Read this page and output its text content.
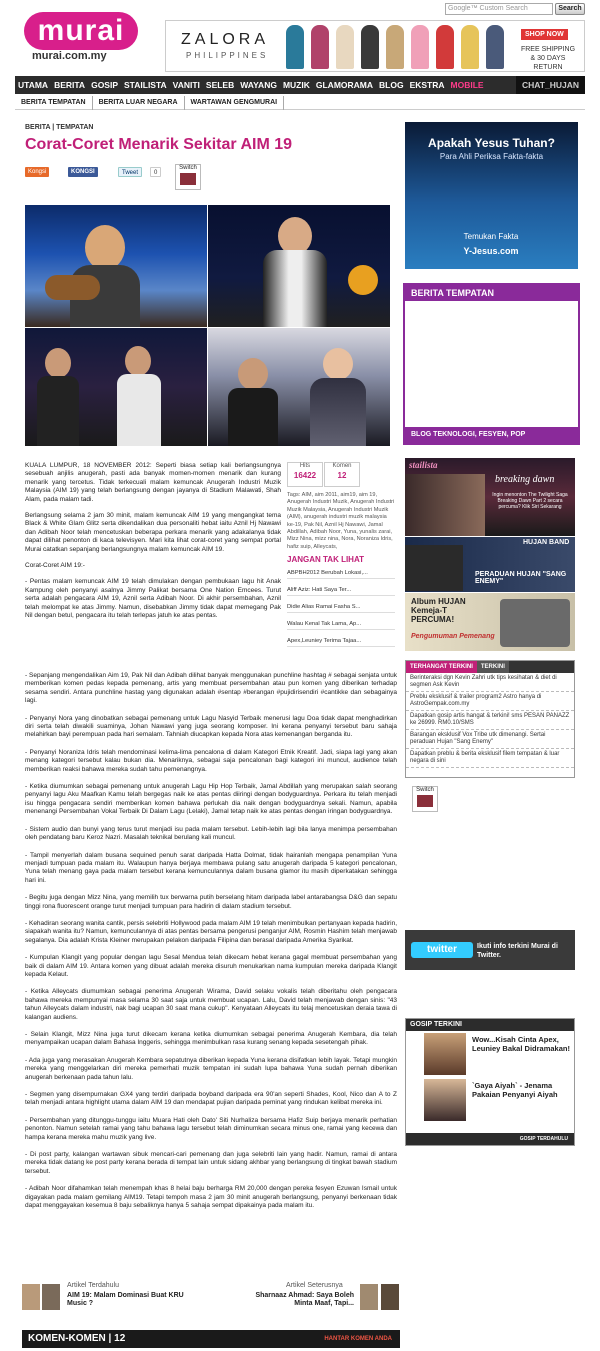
murai
murai.com.my
Google™ Custom Search	Search
ZALORA
PHILIPPINES
SHOP NOW
FREE SHIPPING
& 30 DAYS RETURN
UTAMA BERITA GOSIP STAILISTA VANITI SELEB WAYANG MUZIK GLAMORAMA BLOG EKSTRA MOBILE	CHAT_HUJAN
BERITA TEMPATAN	BERITA LUAR NEGARA	WARTAWAN GENGMURAI
BERITA | TEMPATAN
Corat-Coret Menarik Sekitar AIM 19
Kongsi	KONGSI	Tweet	0
Switch

KUALA LUMPUR, 18 NOVEMBER 2012: Seperti biasa setiap kali berlangsungnya sesebuah anjilis anugerah, pasti ada banyak momen-momen menarik dan kurang menarik yang tercetus. Tidak terkecuali malam kemuncak Anugerah Industri Muzik Malaysia (AIM 19) yang telah berlangsung dengan jayanya di Stadium Malawati, Shah Alam, pada malam tadi.

Berlangsung selama 2 jam 30 minit, malam kemuncak AIM 19 yang mengangkat tema Black & White Glam Glitz serta dikendalikan dua personaliti hebat iaitu Aznil Hj Nawawi dan Adibah Noor telah mencetuskan beberapa perkara menarik yang adakalanya tidak dapat dilihat penonton di kaca televisyen. Mari kita lihat corat-coret yang sempat portal Murai catatkan sepanjang berlangsungnya malam kemuncak AIM 19.

Corat-Coret AIM 19:-

- Pentas malam kemuncak AIM 19 telah dimulakan dengan pembukaan lagu hit Anak Kampung oleh penyanyi asalnya Jimmy Palikat bersama One Nation Emcees. Turut serta adalah pengacara AIM 19, Aznil serta Adibah Noor. Di akhir persembahan, Aznil telah melompat ke atas Jimmy. Namun, disebabkan Jimmy tidak dapat memegang Pak Nil dengan betul, pengacara itu telah terlepas jatuh ke atas pentas.

Hits
16422
Komen
12
Tags: AIM, aim 2011, aim19, aim 19, Anugerah Industri Muzik, Anugerah Industri Muzik Malaysia, Anugerah Industri Muzik (AIM), anugerah industri muzik malaysia ke-19, Pak Nil, Aznil Hj Nawawi, Jamal Abdillah, Adibah Noor, Yuna, yunalis zarai, Mizz Nina, mizz nina, Nora, Noraniza Idris, hafiz suip, Alleycats,
JANGAN TAK LIHAT
ABPBH2012 Berubah Lokasi,...
Aliff Aziz: Hati Saya Ter...
Didie Alias Ramai Fasha S...
Walau Kenal Tak Lama, Ap...
Apex,Leuniey Terima Tajaa...

- Sepanjang mengendalikan Aim 19, Pak Nil dan Adibah dilihat banyak menggunakan punchline hashtag # sebagai senjata untuk memberikan komen pedas kepada pemenang, artis yang membuat persembahan atau pun komen yang diberikan terhadap sesama sendiri. Antara punchline hastag yang digunakan adalah #sentap #berangan #pujidirisendiri #cantikke dan sebagainya lagi.

- Penyanyi Nora yang dinobatkan sebagai pemenang untuk Lagu Nasyid Terbaik menerusi lagu Doa tidak dapat menghadirkan diri serta telah diwakili suaminya, Johan Nawawi yang juga seorang komposer. Ini kerana penyanyi tersebut baru sahaja melahirkan bayi perempuan pada hari semalam. Tahniah diucapkan kepada Nora atas kemenangan berganda itu.

- Penyanyi Noraniza Idris telah mendominasi kelima-lima pencalona di dalam Kategori Etnik Kreatif. Jadi, siapa lagi yang akan menang kategori tersebut kalau bukan dia. Menariknya, sebagai saja pencalonan bagi kategori ini muncul, audience telah memberikan reaksi bahawa mereka sudah tahu pemenangnya.

- Ketika diumumkan sebagai pemenang untuk anugerah Lagu Hip Hop Terbaik, Jamal Abdillah yang merupakan salah seorang penyanyi lagu Aku Maafkan Kamu telah bergegas naik ke atas pentas diiringi dengan bodyguardnya. Perkara itu telah menjadi isu hingga pengacara sendiri memberikan komen bahawa perlukah dia naik dengan bodyguardnya sekali. Namun, apabila menenangi Persembahan Vokal Terbaik Di Dalam Lagu (Lelaki), Jamal tetap naik ke atas pentas dengan iringan bodyguardnya.

- Sistem audio dan bunyi yang terus turut menjadi isu pada malam tersebut. Lebih-lebih lagi bila lanya menimpa persembahan oleh pendatang baru Keroz Nazri. Masalah teknikal berulang kali muncul.

- Tampil menyerlah dalam busana sequined penuh sarat daripada Hatta Dolmat, tidak hairanlah mengapa penampilan Yuna menjadi tumpuan pada malam itu. Walaupun hanya berjaya membawa pulang satu anugerah daripada 5 kategori pencalonan, Yuna telah menang gaya pada malam tersebut kerana kemunculannya dalam busana glamor itu masih diperkatakan sehingga hari ini.

- Begitu juga dengan Mizz Nina, yang memilih tux berwarna putih berselang hitam daripada label antarabangsa D&G dan sepatu tinggi rona fluorescent orange turut menjadi tumpuan para hadirin di dalam stadium tersebut.

- Kehadiran seorang wanita cantik, persis selebriti Hollywood pada malam AIM 19 telah menimbulkan pertanyaan kepada hadirin, siapakah wanita itu? Namun, kemunculannya di atas pentas bersama pengerusi penganjur AIM, Rosmin Hashim telah menjawab segalanya. Dia adalah Krista Kleiner merupakan pelakon daripada Filipina dan berasal daripada Amerika Syarikat.

- Kumpulan Klangit yang popular dengan lagu Sesal Mendua telah dikecam hebat kerana gagal membuat persembahan yang baik di dalam AIM 19. Antara komen yang dibuat adalah mereka disuruh menukarkan nama kumpulan mereka daripada Klangit kepada Kelaut.

- Ketika Alleycats diumumkan sebagai penerima Anugerah Wirama, David selaku vokalis telah diberitahu oleh pengacara bahawa mereka mempunyai masa selama 30 saat saja untuk membuat ucapan. Lalu, David telah menjawab dengan sinis: "43 tahun Alleycats dalam industri, nak bagi ucapan 30 saat mana cukup". Kenyataan Alleycats itu telaj mencetuskan deraia tawa di kalangan audiens.

- Selain Klangit, Mizz Nina juga turut dikecam kerana ketika diumumkan sebagai penerima Anugerah Kembara, dia telah menyampaikan ucapan dalam Bahasa Inggeris, sehingga menimbulkan rasa kurang senang kepada sesetengah pihak.

- Ada juga yang merasakan Anugerah Kembara sepatutnya diberikan kepada Yuna kerana disifatkan lebih layak. Tetapi mungkin mereka yang menggelarkan diri mereka pemerhati muzik tempatan ini sudah lupa bahawa Yuna sudah pernah diberikan anugerah berkenaan pada tahun lalu.

- Segmen yang disempurnakan GX4 yang terdiri daripada boyband daripada era 90'an seperti Shades, Kool, Nico dan A to Z telah menjadi antara highlight utama dalam AIM 19 dan mendapat pujian daripada peminat yang rindukan kelibat mereka ini.

- Persembahan yang ditunggu-tunggu iaitu Muara Hati oleh Dato' Siti Nurhaliza bersama Hafiz Suip berjaya menarik perhatian penonton. Namun setelah ramai yang tahu bahawa lagu tersebut telah diminumkan secara minus one, ramai yang kecewa dan hampa kerana mereka mahu muzik yang live.

- Di post party, kalangan wartawan sibuk mencari-cari pemenang dan juga selebriti lain yang hadir. Namun, ramai di antara mereka tidak datang ke post party kerana berada di tempat lain untuk sidang akhbar yang berlangsung di tingkat bawah stadium tersebut.

- Adibah Noor difahamkan telah menempah khas 8 helai baju berharga RM 20,000 dengan pereka fesyen Ezuwan Ismail untuk digayakan pada malam gemilang AIM19. Tetapi tempoh masa 2 jam 30 minit anugerah berlangsung, penyanyi berkenaan tidak dapat menggayakan kesemua 8 baju sebaliknya hanya 5 sahaja sempat dipakainya pada malam itu.

Artikel Terdahulu
AIM 19: Malam Dominasi Buat KRU Music ?
Artikel Seterusnya
Sharnaaz Ahmad: Saya Boleh Minta Maaf, Tapi...
KOMEN-KOMEN | 12	HANTAR KOMEN ANDA
Apakah Yesus Tuhan?
Para Ahli Periksa Fakta-fakta
Temukan Fakta
Y-Jesus.com
BERITA TEMPATAN
BLOG TEKNOLOGI, FESYEN, POP
stailista
breaking dawn
Ingin menonton The Twilight Saga Breaking Dawn Part 2 secara percuma? Klik Siri Sekarang
HUJAN BAND
PERADUAN HUJAN "SANG ENEMY"
Album HUJAN Kemeja-T PERCUMA!
Pengumuman Pemenang
TERHANGAT TERKINI	TERKINI
Berinteraksi dgn Kevin Zahri utk tips kesihatan & diet di segmen Ask Kevin
Preblu eksklusif & trailer program2 Astro hanya di AstroGempak.com.my
Dapatkan gosip artis hangat & terkini! sms PESAN PANAZZ ke 26999. RM0.10/SMS
Barangan eksklusif Vox Tribe utk dimenangi. Sertai peraduan Hujan "Sang Enemy"
Dapatkan preblu & berita eksklusif filem tempatan & luar negara di sini
Switch
twitter	Ikuti info terkini Murai di Twitter.
GOSIP TERKINI
Wow...Kisah Cinta Apex, Leuniey Bakal Didramakan!
`Gaya Aiyah` - Jenama Pakaian Penyanyi Aiyah
GOSIP TERDAHULU
